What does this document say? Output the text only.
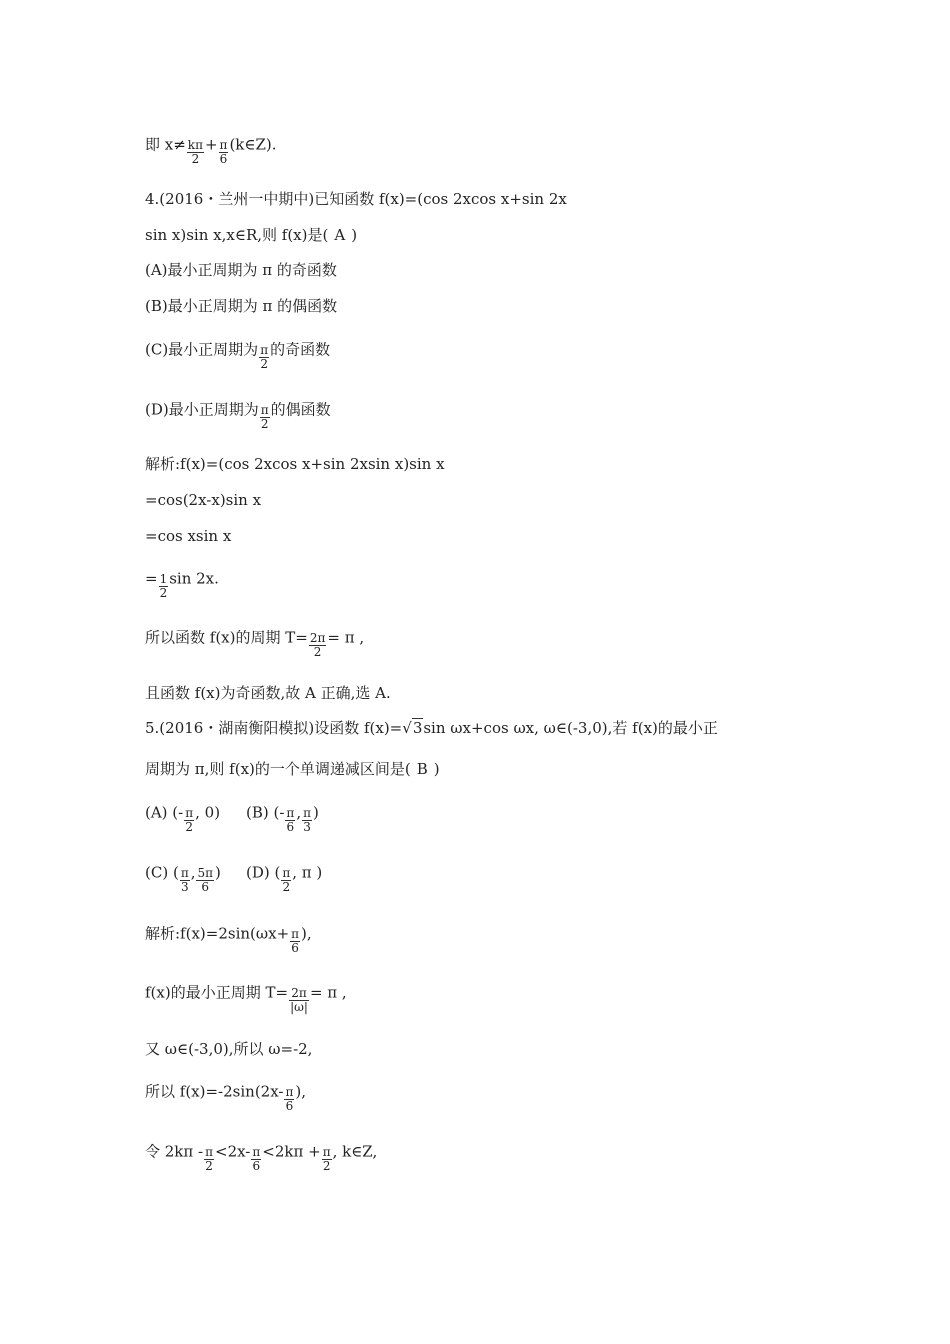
即 $x\ne \frac{k\pi}{2} + \frac{\pi}{6}$ (k∈Z).
4.(2016・兰州一中期中)已知函数 f(x)=(cos 2xcos x+sin 2x
sin x)sin x,x∈R,则 f(x)是( A )
(A)最小正周期为 π 的奇函数
(B)最小正周期为 π 的偶函数
(C)最小正周期为 $\frac{\pi}{2}$ 的奇函数
(D)最小正周期为 $\frac{\pi}{2}$ 的偶函数
解析:f(x)=(cos 2xcos x+sin 2xsin x)sin x
=cos(2x-x)sin x
=cos xsin x
= $\frac{1}{2}$ sin 2x.
所以函数 f(x)的周期 $T= \frac{2\pi}{2} = \pi$ ,
且函数 f(x)为奇函数,故 A 正确,选 A.
5.(2016・湖南衡阳模拟)设函数 f(x)=√3sin ωx+cos ωx, ω∈(-3,0),若 f(x)的最小正
周期为 π,则 f(x)的一个单调递减区间是( B )
(A) (- $\frac{\pi}{2}$ , 0) (B) (- $\frac{\pi}{6}$ , $\frac{\pi}{3}$ )
(C) ( $\frac{\pi}{3}$ , $\frac{5\pi}{6}$ ) (D) ( $\frac{\pi}{2}$ , π )
解析:f(x)=2sin(ωx+ $\frac{\pi}{6}$ ),
f(x)的最小正周期 $T= \frac{2\pi}{|\omega|} = \pi$ ,
又 ω∈(-3,0),所以 ω=-2,
所以 $f(x)=-2\sin(2x- \frac{\pi}{6}$ ),
令 $2k\pi - \frac{\pi}{2} <2x- \frac{\pi}{6} <2k\pi + \frac{\pi}{2}$ , k∈Z,
